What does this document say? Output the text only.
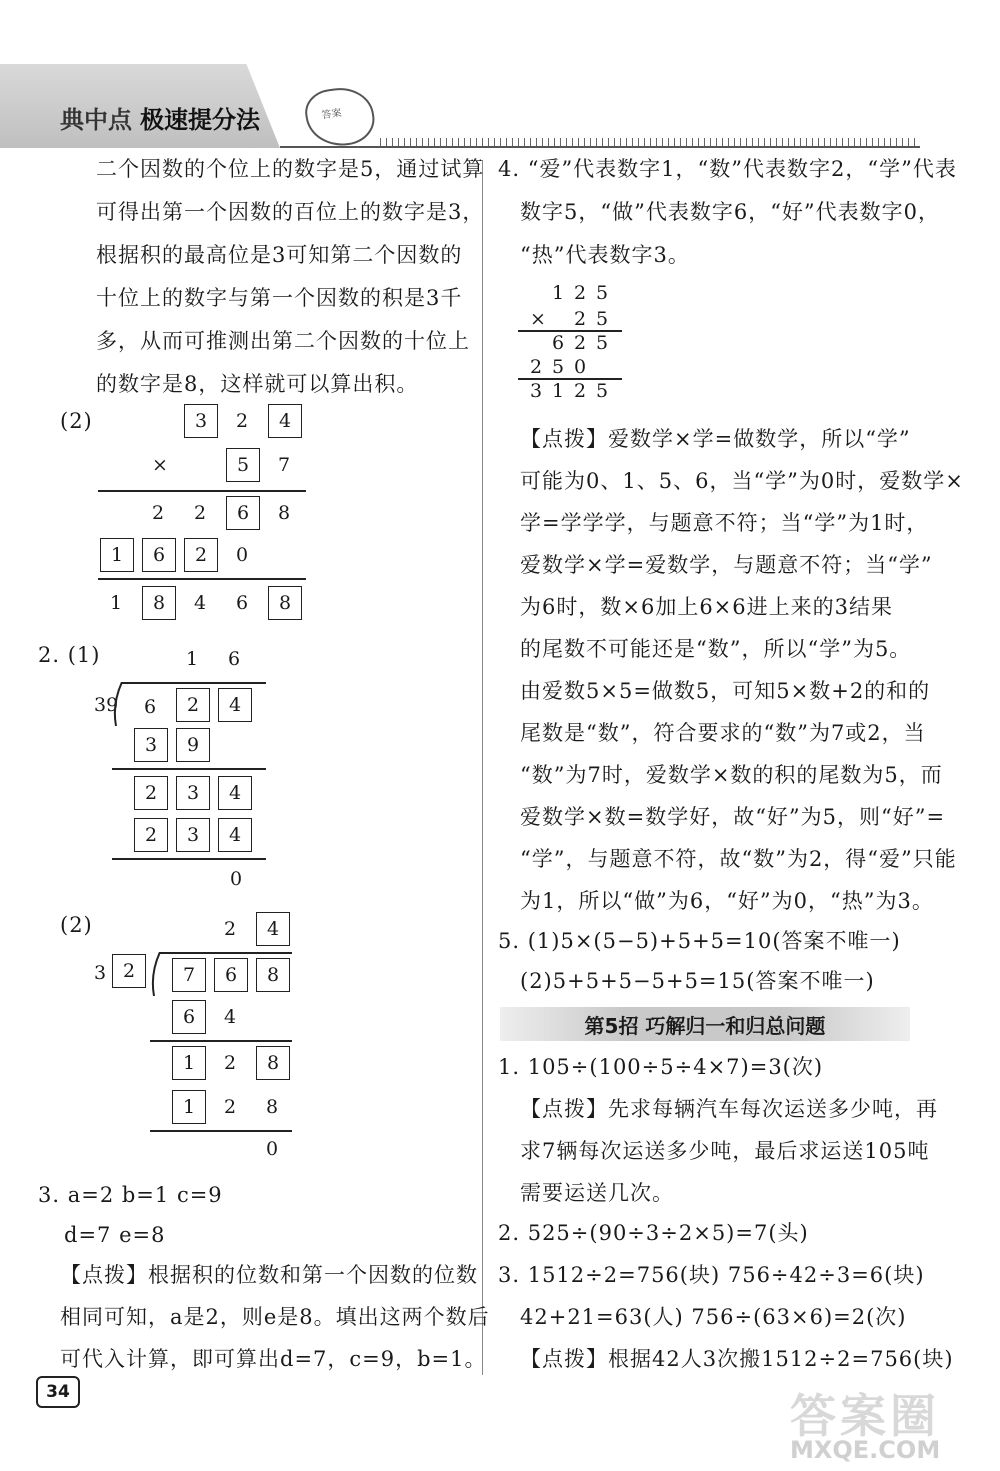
典中点 极速提分法	答案
二个因数的个位上的数字是5，通过试算
可得出第一个因数的百位上的数字是3，
根据积的最高位是3可知第二个因数的
十位上的数字与第一个因数的积是3千
多，从而可推测出第二个因数的十位上
的数字是8，这样就可以算出积。
(2)	3	2	4
×	5	7
2 2	6	8
1	6	2	0
1	8	4 6	8
2. (1)	1 6
39 6	2	4
3	9
2	3	4
2	3	4
0
(2)	2	4
3 2	7	6	8
6	4
1	2	8
1	2 8
0
3. a=2 b=1 c=9
d=7 e=8
【点拨】根据积的位数和第一个因数的位数
相同可知，a是2，则e是8。填出这两个数后
可代入计算，即可算出d=7，c=9，b=1。
4. “爱”代表数字1，“数”代表数字2，“学”代表
数字5，“做”代表数字6，“好”代表数字0，
“热”代表数字3。
1 2 5
× 2 5
6 2 5
2 5 0
3 1 2 5
【点拨】爱数学×学=做数学，所以“学”
可能为0、1、5、6，当“学”为0时，爱数学×
学=学学学，与题意不符；当“学”为1时，
爱数学×学=爱数学，与题意不符；当“学”
为6时，数×6加上6×6进上来的3结果
的尾数不可能还是“数”，所以“学”为5。
由爱数5×5=做数5，可知5×数+2的和的
尾数是“数”，符合要求的“数”为7或2，当
“数”为7时，爱数学×数的积的尾数为5，而
爱数学×数=数学好，故“好”为5，则“好”=
“学”，与题意不符，故“数”为2，得“爱”只能
为1，所以“做”为6，“好”为0，“热”为3。
5. (1)5×(5−5)+5+5=10(答案不唯一)
(2)5+5+5−5+5=15(答案不唯一)
第5招 巧解归一和归总问题
1. 105÷(100÷5÷4×7)=3(次)
【点拨】先求每辆汽车每次运送多少吨，再
求7辆每次运送多少吨，最后求运送105吨
需要运送几次。
2. 525÷(90÷3÷2×5)=7(头)
3. 1512÷2=756(块) 756÷42÷3=6(块)
42+21=63(人) 756÷(63×6)=2(次)
【点拨】根据42人3次搬1512÷2=756(块)
34	答案圈
MXQE.COM
